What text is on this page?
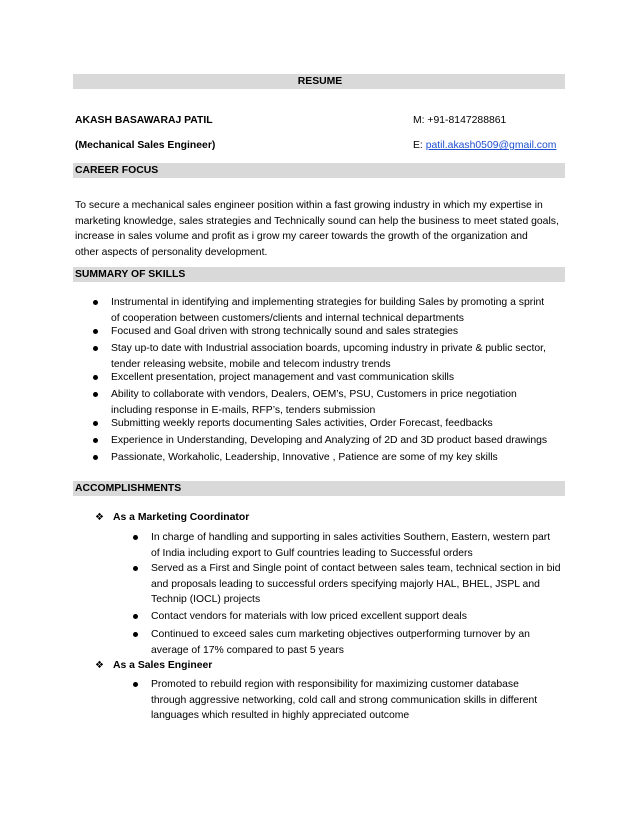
RESUME
AKASH BASAWARAJ PATIL	M: +91-8147288861
(Mechanical Sales Engineer)	E: patil.akash0509@gmail.com
CAREER FOCUS
To secure a mechanical sales engineer position within a fast growing industry in which my expertise in
marketing knowledge, sales strategies and Technically sound can help the business to meet stated goals,
increase in sales volume and profit as i grow my career towards the growth of the organization and
other aspects of personality development.
SUMMARY OF SKILLS
Instrumental in identifying and implementing strategies for building Sales by promoting a sprint
of cooperation between customers/clients and internal technical departments
Focused and Goal driven with strong technically sound and sales strategies
Stay up-to date with Industrial association boards, upcoming industry in private & public sector,
tender releasing website, mobile and telecom industry trends
Excellent presentation, project management and vast communication skills
Ability to collaborate with vendors, Dealers, OEM’s, PSU, Customers in price negotiation
including response in E-mails, RFP’s, tenders submission
Submitting weekly reports documenting Sales activities, Order Forecast, feedbacks
Experience in Understanding, Developing and Analyzing of 2D and 3D product based drawings
Passionate, Workaholic, Leadership, Innovative , Patience are some of my key skills
ACCOMPLISHMENTS
❖ As a Marketing Coordinator
In charge of handling and supporting in sales activities Southern, Eastern, western part
of India including export to Gulf countries leading to Successful orders
Served as a First and Single point of contact between sales team, technical section in bid
and proposals leading to successful orders specifying majorly HAL, BHEL, JSPL and
Technip (IOCL) projects
Contact vendors for materials with low priced excellent support deals
Continued to exceed sales cum marketing objectives outperforming turnover by an
average of 17% compared to past 5 years
❖ As a Sales Engineer
Promoted to rebuild region with responsibility for maximizing customer database
through aggressive networking, cold call and strong communication skills in different
languages which resulted in highly appreciated outcome
